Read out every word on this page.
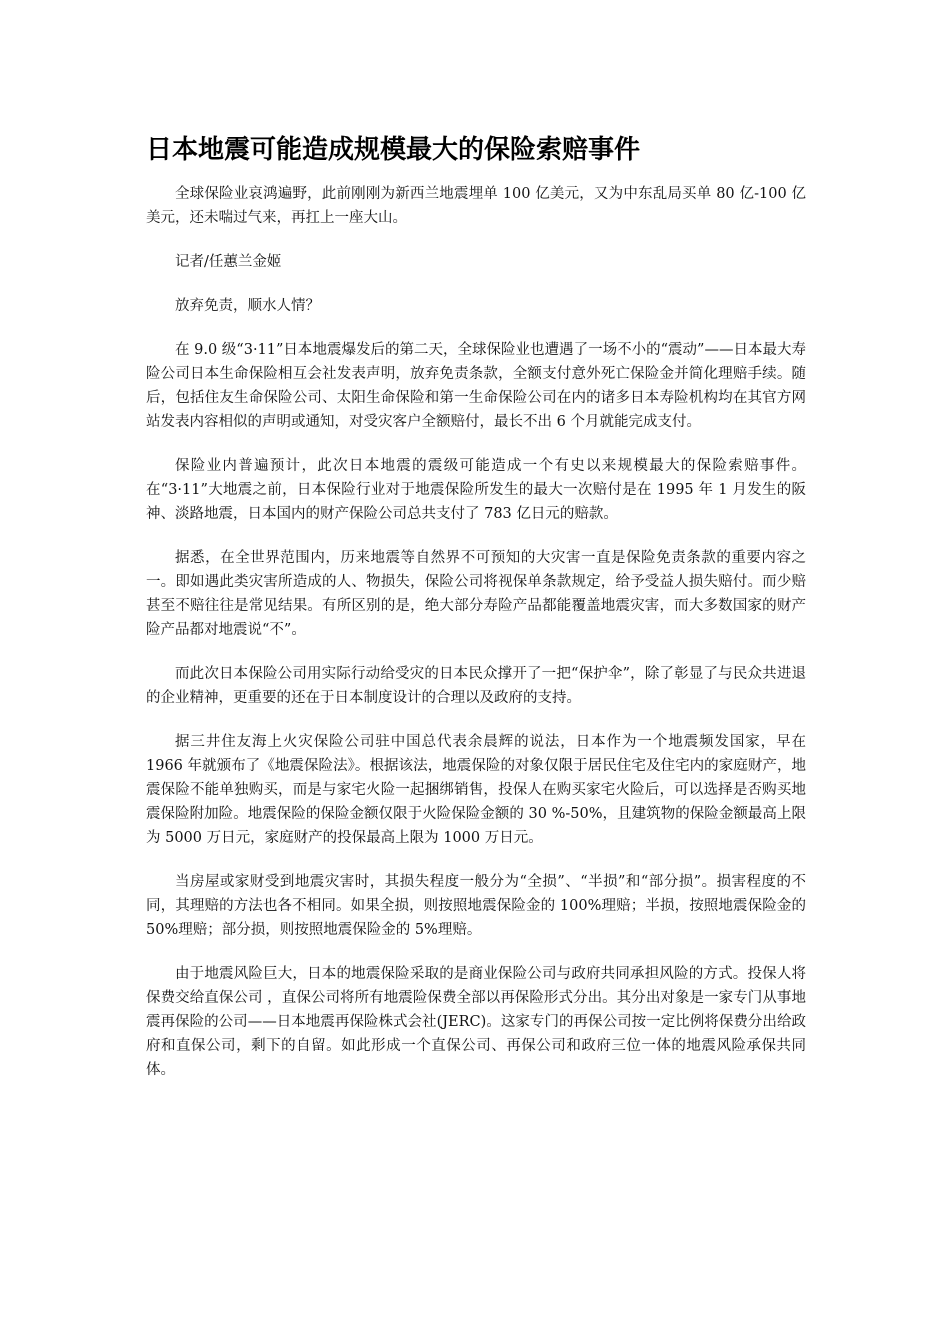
日本地震可能造成规模最大的保险索赔事件

全球保险业哀鸿遍野，此前刚刚为新西兰地震埋单 100 亿美元，又为中东乱局买单 80 亿-100 亿美元，还未喘过气来，再扛上一座大山。

记者/任蕙兰金姬

放弃免责，顺水人情？

在 9.0 级“3·11”日本地震爆发后的第二天，全球保险业也遭遇了一场不小的“震动”——日本最大寿险公司日本生命保险相互会社发表声明，放弃免责条款，全额支付意外死亡保险金并简化理赔手续。随后，包括住友生命保险公司、太阳生命保险和第一生命保险公司在内的诸多日本寿险机构均在其官方网站发表内容相似的声明或通知，对受灾客户全额赔付，最长不出 6 个月就能完成支付。

保险业内普遍预计，此次日本地震的震级可能造成一个有史以来规模最大的保险索赔事件。在“3·11”大地震之前，日本保险行业对于地震保险所发生的最大一次赔付是在 1995 年 1 月发生的阪神、淡路地震，日本国内的财产保险公司总共支付了 783 亿日元的赔款。

据悉，在全世界范围内，历来地震等自然界不可预知的大灾害一直是保险免责条款的重要内容之一。即如遇此类灾害所造成的人、物损失，保险公司将视保单条款规定，给予受益人损失赔付。而少赔甚至不赔往往是常见结果。有所区别的是，绝大部分寿险产品都能覆盖地震灾害，而大多数国家的财产险产品都对地震说“不”。

而此次日本保险公司用实际行动给受灾的日本民众撑开了一把“保护伞”，除了彰显了与民众共进退的企业精神，更重要的还在于日本制度设计的合理以及政府的支持。

据三井住友海上火灾保险公司驻中国总代表余晨辉的说法，日本作为一个地震频发国家，早在 1966 年就颁布了《地震保险法》。根据该法，地震保险的对象仅限于居民住宅及住宅内的家庭财产，地震保险不能单独购买，而是与家宅火险一起捆绑销售，投保人在购买家宅火险后，可以选择是否购买地震保险附加险。地震保险的保险金额仅限于火险保险金额的 30 %-50%，且建筑物的保险金额最高上限为 5000 万日元，家庭财产的投保最高上限为 1000 万日元。

当房屋或家财受到地震灾害时，其损失程度一般分为“全损”、“半损”和“部分损”。损害程度的不同，其理赔的方法也各不相同。如果全损，则按照地震保险金的 100%理赔；半损，按照地震保险金的 50%理赔；部分损，则按照地震保险金的 5%理赔。

由于地震风险巨大，日本的地震保险采取的是商业保险公司与政府共同承担风险的方式。投保人将保费交给直保公司 ，直保公司将所有地震险保费全部以再保险形式分出。其分出对象是一家专门从事地震再保险的公司——日本地震再保险株式会社(JERC)。这家专门的再保公司按一定比例将保费分出给政府和直保公司，剩下的自留。如此形成一个直保公司、再保公司和政府三位一体的地震风险承保共同体。
